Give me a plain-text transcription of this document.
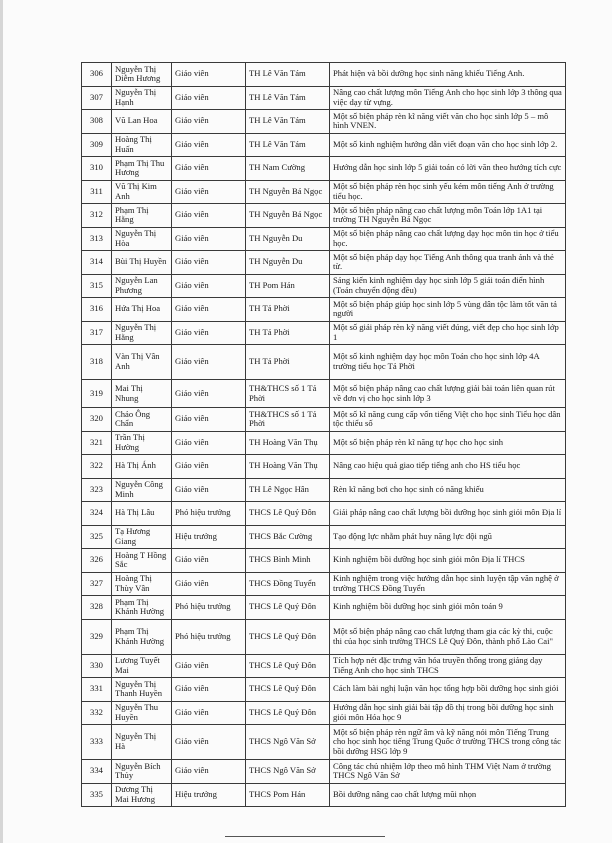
306	Nguyễn Thị Diễm Hương	Giáo viên	TH Lê Văn Tám	Phát hiện và bồi dưỡng học sinh năng khiếu Tiếng Anh.
307	Nguyễn Thị Hạnh	Giáo viên	TH Lê Văn Tám	Nâng cao chất lượng môn Tiếng Anh cho học sinh lớp 3 thông qua việc dạy từ vựng.
308	Vũ Lan Hoa	Giáo viên	TH Lê Văn Tám	Một số biện pháp rèn kĩ năng viết văn cho học sinh lớp 5 – mô hình VNEN.
309	Hoàng Thị Huấn	Giáo viên	TH Lê Văn Tám	Một số kinh nghiệm hướng dẫn viết đoạn văn cho học sinh lớp 2.
310	Phạm Thị Thu Hương	Giáo viên	TH Nam Cường	Hướng dẫn học sinh lớp 5 giải toán có lời văn theo hướng tích cực
311	Vũ Thị Kim Anh	Giáo viên	TH Nguyễn Bá Ngọc	Một số biện pháp rèn học sinh yếu kém môn tiếng Anh ở trường tiểu học.
312	Phạm Thị Hằng	Giáo viên	TH Nguyễn Bá Ngọc	Một số biện pháp nâng cao chất lượng môn Toán lớp 1A1 tại trường TH Nguyễn Bá Ngọc
313	Nguyễn Thị Hòa	Giáo viên	TH Nguyễn Du	Một số biện pháp nâng cao chất lượng dạy học môn tin học ở tiểu học.
314	Bùi Thị Huyền	Giáo viên	TH Nguyễn Du	Một số biện pháp dạy học Tiếng Anh thông qua tranh ảnh và thẻ từ.
315	Nguyễn Lan Phương	Giáo viên	TH Pom Hán	Sáng kiến kinh nghiệm dạy học sinh lớp 5 giải toán điển hình (Toán chuyển động đều)
316	Hứa Thị Hoa	Giáo viên	TH Tả Phời	Một số biện pháp giúp học sinh lớp 5 vùng dân tộc làm tốt văn tả người
317	Nguyễn Thị Hằng	Giáo viên	TH Tả Phời	Một số giải pháp rèn kỹ năng viết đúng, viết đẹp cho học sinh lớp 1
318	Vàn Thị Vân Anh	Giáo viên	TH Tả Phời	Một số kinh nghiệm dạy học môn Toán cho học sinh lớp 4A trường tiểu học Tả Phời
319	Mai Thị Nhung	Giáo viên	TH&THCS số 1 Tả Phời	Một số biện pháp nâng cao chất lượng giải bài toán liên quan rút về đơn vị cho học sinh lớp 3
320	Chảo Ông Chẩn	Giáo viên	TH&THCS số 1 Tả Phời	Một số kĩ năng cung cấp vốn tiếng Việt cho học sinh Tiểu học dân tộc thiểu số
321	Trần Thị Hường	Giáo viên	TH Hoàng Văn Thụ	Một số biện pháp rèn kĩ năng tự học cho học sinh
322	Hà Thị Ánh	Giáo viên	TH Hoàng Văn Thụ	Nâng cao hiệu quả giao tiếp tiếng anh cho HS tiểu học
323	Nguyễn Công Minh	Giáo viên	TH Lê Ngọc Hân	Rèn kĩ năng bơi cho học sinh có năng khiếu
324	Hà Thị Lâu	Phó hiệu trưởng	THCS Lê Quý Đôn	Giải pháp nâng cao chất lượng bồi dưỡng học sinh giỏi môn Địa lí
325	Tạ Hương Giang	Hiệu trưởng	THCS Bắc Cường	Tạo động lực nhằm phát huy năng lực đội ngũ
326	Hoàng T Hồng Sắc	Giáo viên	THCS Bình Minh	Kinh nghiệm bồi dưỡng học sinh giỏi môn Địa lí THCS
327	Hoàng Thị Thùy Vân	Giáo viên	THCS Đồng Tuyển	Kinh nghiệm trong việc hướng dẫn học sinh luyện tập văn nghệ ở trường THCS Đồng Tuyển
328	Phạm Thị Khánh Hường	Phó hiệu trưởng	THCS Lê Quý Đôn	Kinh nghiệm bồi dưỡng học sinh giỏi môn toán 9
329	Phạm Thị Khánh Hường	Phó hiệu trưởng	THCS Lê Quý Đôn	Một số biện pháp nâng cao chất lượng tham gia các kỳ thi, cuộc thi của học sinh trường THCS Lê Quý Đôn, thành phố Lào Cai"
330	Lương Tuyết Mai	Giáo viên	THCS Lê Quý Đôn	Tích hợp nét đặc trưng văn hóa truyền thống trong giảng dạy Tiếng Anh cho học sinh THCS
331	Nguyễn Thị Thanh Huyền	Giáo viên	THCS Lê Quý Đôn	Cách làm bài nghị luận văn học tổng hợp bồi dưỡng học sinh giỏi
332	Nguyễn Thu Huyền	Giáo viên	THCS Lê Quý Đôn	Hướng dẫn học sinh giải bài tập đồ thị trong bồi dưỡng học sinh giỏi môn Hóa học 9
333	Nguyễn Thị Hà	Giáo viên	THCS Ngô Văn Sở	Một số biện pháp rèn ngữ âm và kỹ năng nói môn Tiếng Trung cho học sinh học tiếng Trung Quốc ở trường THCS trong công tác bồi dưỡng HSG lớp 9
334	Nguyễn Bích Thủy	Giáo viên	THCS Ngô Văn Sở	Công tác chủ nhiệm lớp theo mô hình THM Việt Nam ở trường THCS Ngô Văn Sở
335	Dương Thị Mai Hương	Hiệu trưởng	THCS Pom Hán	Bồi dưỡng nâng cao chất lượng mũi nhọn
